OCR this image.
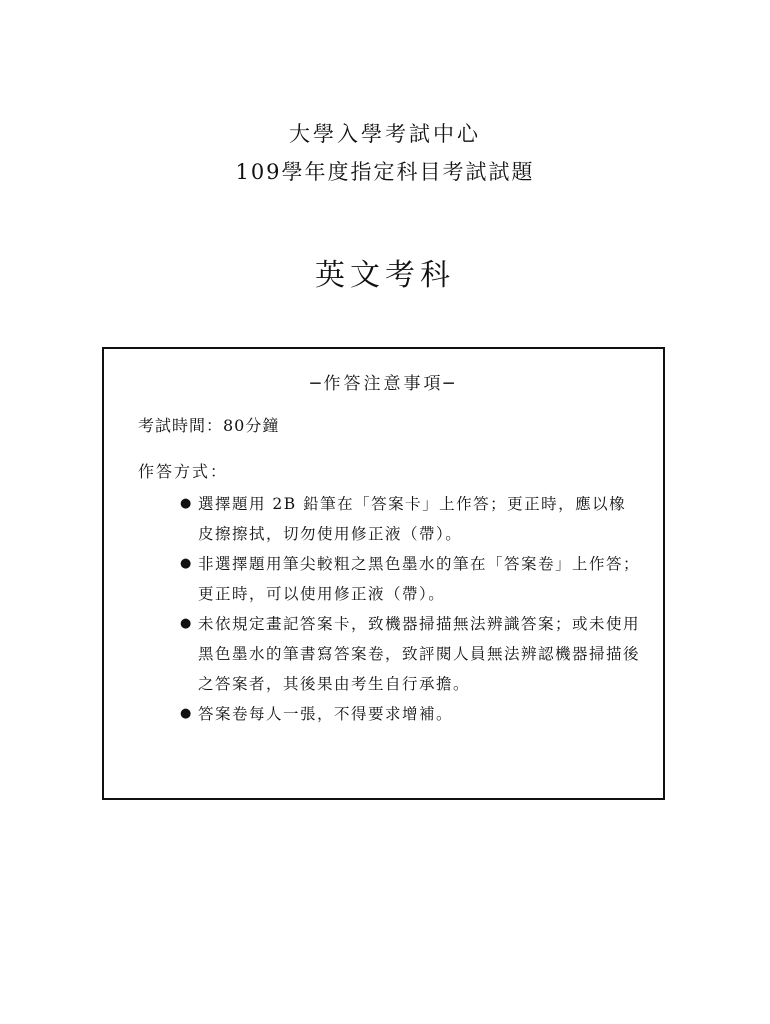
大學入學考試中心
109學年度指定科目考試試題
英文考科
─作答注意事項─
考試時間：80分鐘
作答方式：
● 選擇題用 2B 鉛筆在「答案卡」上作答；更正時，應以橡皮擦擦拭，切勿使用修正液（帶）。
● 非選擇題用筆尖較粗之黑色墨水的筆在「答案卷」上作答；更正時，可以使用修正液（帶）。
● 未依規定畫記答案卡，致機器掃描無法辨識答案；或未使用黑色墨水的筆書寫答案卷，致評閱人員無法辨認機器掃描後之答案者，其後果由考生自行承擔。
● 答案卷每人一張，不得要求增補。
